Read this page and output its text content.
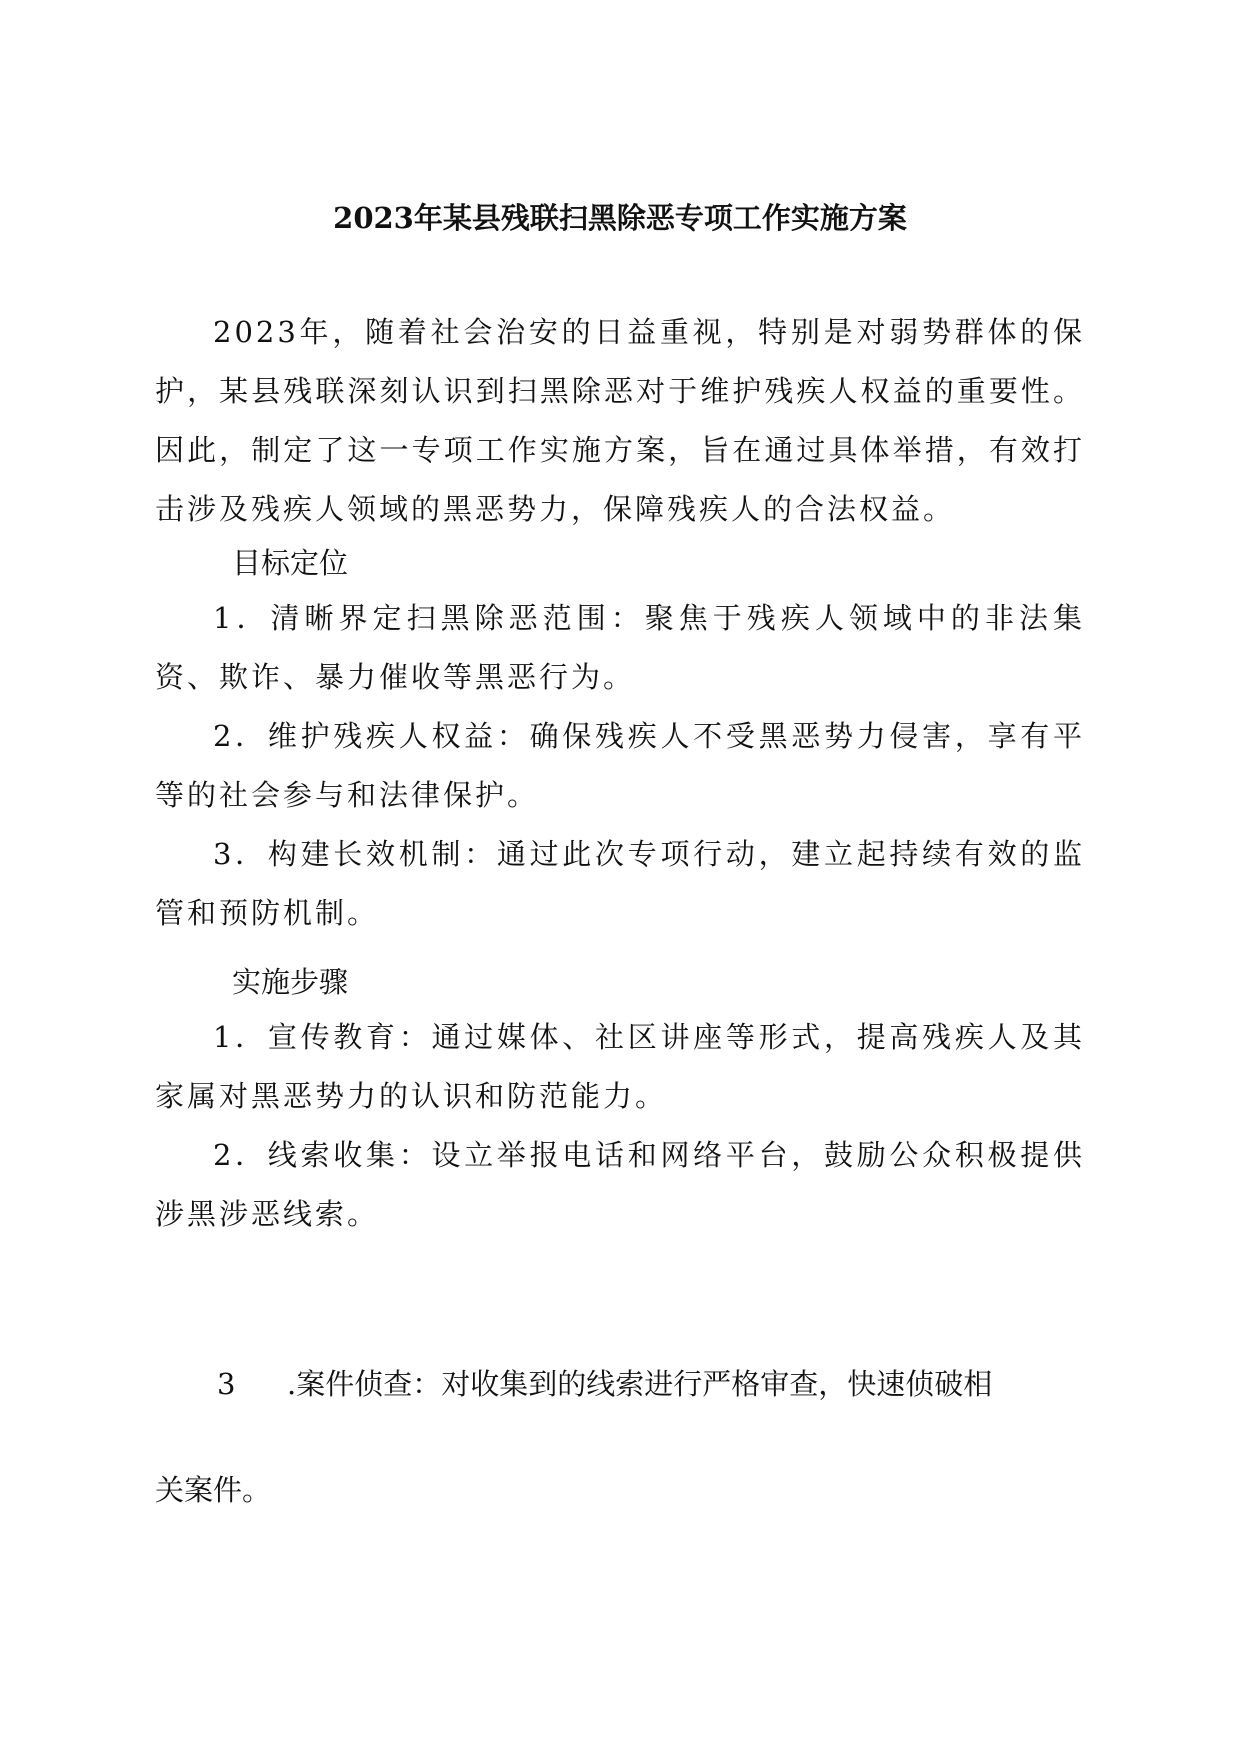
2023年某县残联扫黑除恶专项工作实施方案

2023年，随着社会治安的日益重视，特别是对弱势群体的保护，某县残联深刻认识到扫黑除恶对于维护残疾人权益的重要性。因此，制定了这一专项工作实施方案，旨在通过具体举措，有效打击涉及残疾人领域的黑恶势力，保障残疾人的合法权益。

目标定位

1．清晰界定扫黑除恶范围：聚焦于残疾人领域中的非法集资、欺诈、暴力催收等黑恶行为。

2．维护残疾人权益：确保残疾人不受黑恶势力侵害，享有平等的社会参与和法律保护。

3．构建长效机制：通过此次专项行动，建立起持续有效的监管和预防机制。

实施步骤

1．宣传教育：通过媒体、社区讲座等形式，提高残疾人及其家属对黑恶势力的认识和防范能力。

2．线索收集：设立举报电话和网络平台，鼓励公众积极提供涉黑涉恶线索。

3 .案件侦查：对收集到的线索进行严格审查，快速侦破相
关案件。
